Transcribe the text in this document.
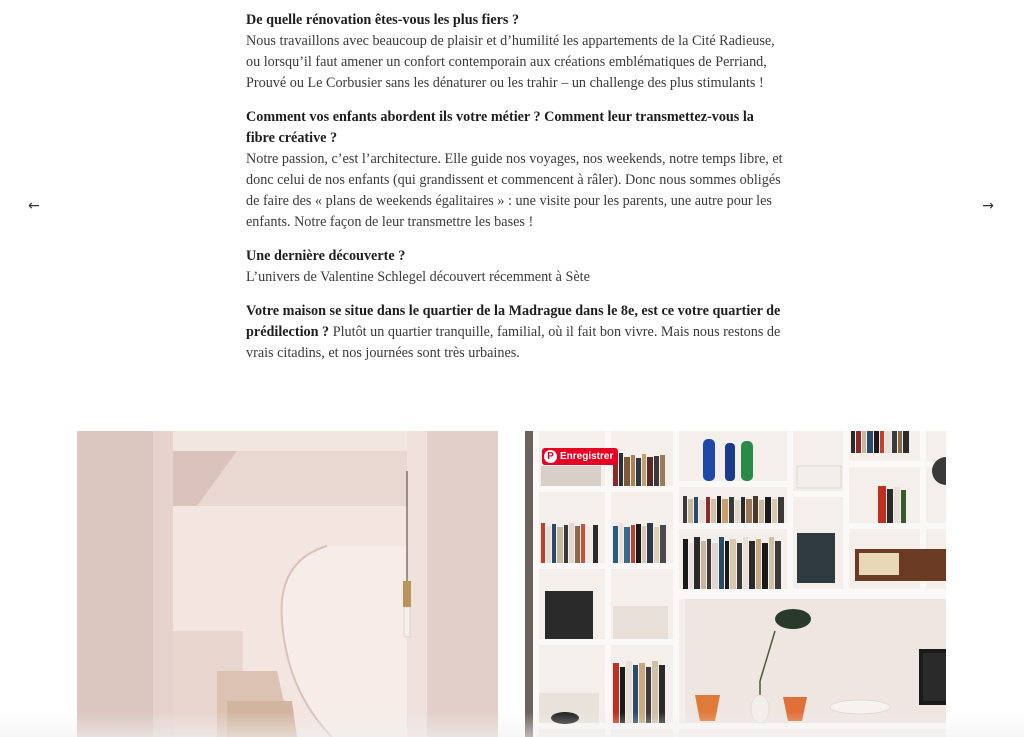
←	→

De quelle rénovation êtes-vous les plus fiers ?
Nous travaillons avec beaucoup de plaisir et d’humilité les appartements de la Cité Radieuse, ou lorsqu’il faut amener un confort contemporain aux créations emblématiques de Perriand, Prouvé ou Le Corbusier sans les dénaturer ou les trahir – un challenge des plus stimulants !

Comment vos enfants abordent ils votre métier ? Comment leur transmettez-vous la fibre créative ?
Notre passion, c’est l’architecture. Elle guide nos voyages, nos weekends, notre temps libre, et donc celui de nos enfants (qui grandissent et commencent à râler). Donc nous sommes obligés de faire des « plans de weekends égalitaires » : une visite pour les parents, une autre pour les enfants. Notre façon de leur transmettre les bases !

Une dernière découverte ?
L’univers de Valentine Schlegel découvert récemment à Sète

Votre maison se situe dans le quartier de la Madrague dans le 8e, est ce votre quartier de prédilection ? Plutôt un quartier tranquille, familial, où il fait bon vivre. Mais nous restons de vrais citadins, et nos journées sont très urbaines.

P Enregistrer
